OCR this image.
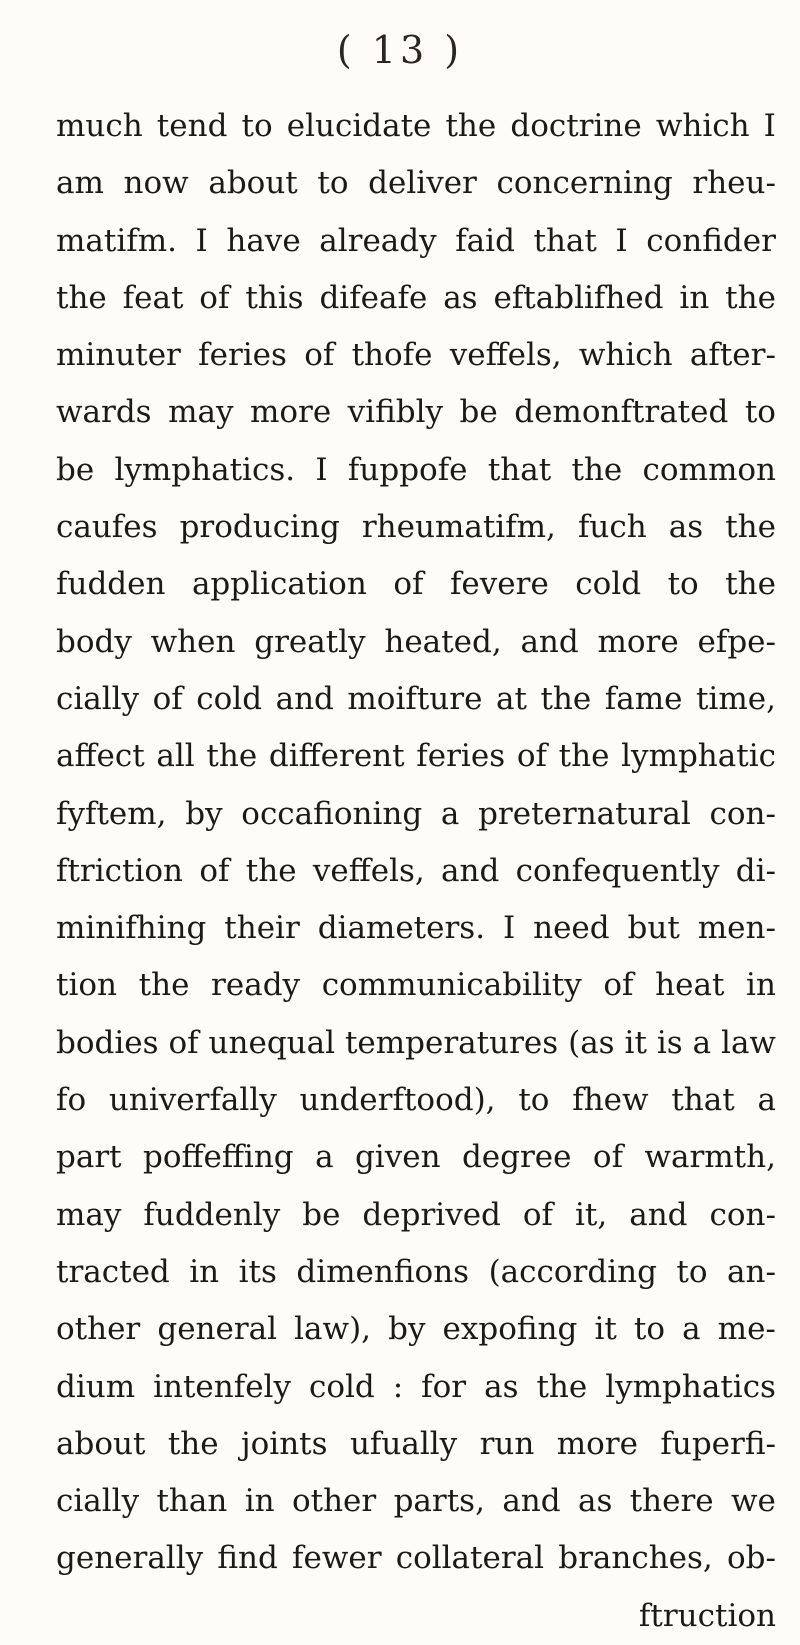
( 13 )
much tend to elucidate the doctrine which I
am now about to deliver concerning rheu-
matifm. I have already faid that I confider
the feat of this difeafe as eftablifhed in the
minuter feries of thofe veffels, which after-
wards may more vifibly be demonftrated to
be lymphatics. I fuppofe that the common
caufes producing rheumatifm, fuch as the
fudden application of fevere cold to the
body when greatly heated, and more efpe-
cially of cold and moifture at the fame time,
affect all the different feries of the lymphatic
fyftem, by occafioning a preternatural con-
ftriction of the veffels, and confequently di-
minifhing their diameters. I need but men-
tion the ready communicability of heat in
bodies of unequal temperatures (as it is a law
fo univerfally underftood), to fhew that a
part poffeffing a given degree of warmth,
may fuddenly be deprived of it, and con-
tracted in its dimenfions (according to an-
other general law), by expofing it to a me-
dium intenfely cold : for as the lymphatics
about the joints ufually run more fuperfi-
cially than in other parts, and as there we
generally find fewer collateral branches, ob-
ftruction
